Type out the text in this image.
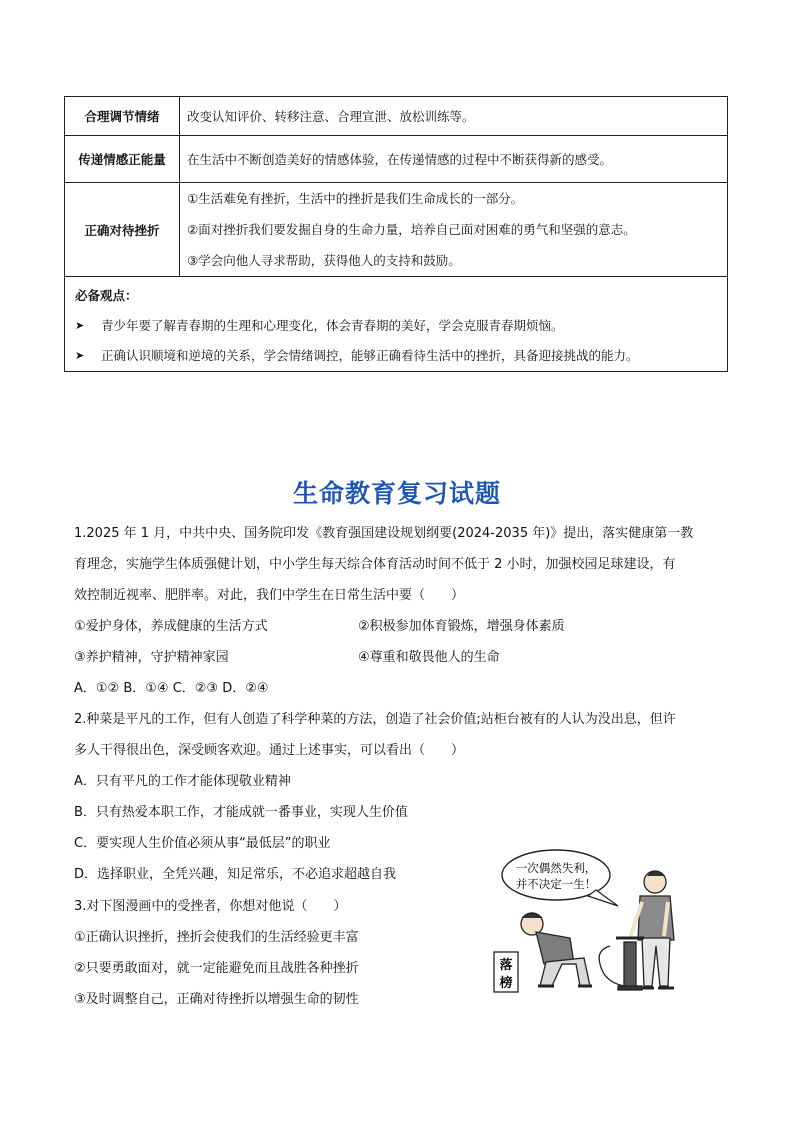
合理调节情绪	改变认知评价、转移注意、合理宣泄、放松训练等。

传递情感正能量	在生活中不断创造美好的情感体验，在传递情感的过程中不断获得新的感受。

正确对待挫折	①生活难免有挫折，生活中的挫折是我们生命成长的一部分。

②面对挫折我们要发掘自身的生命力量，培养自己面对困难的勇气和坚强的意志。

③学会向他人寻求帮助，获得他人的支持和鼓励。

必备观点：
➤ 青少年要了解青春期的生理和心理变化，体会青春期的美好，学会克服青春期烦恼。
➤ 正确认识顺境和逆境的关系，学会情绪调控，能够正确看待生活中的挫折，具备迎接挑战的能力。	
生命教育复习试题
1.2025 年 1 月，中共中央、国务院印发《教育强国建设规划纲要(2024-2035 年)》提出，落实健康第一教
育理念，实施学生体质强健计划，中小学生每天综合体育活动时间不低于 2 小时，加强校园足球建设，有
效控制近视率、肥胖率。对此，我们中学生在日常生活中要（　　）
①爱护身体，养成健康的生活方式	②积极参加体育锻炼，增强身体素质
③养护精神，守护精神家园	④尊重和敬畏他人的生命
A．①② B．①④ C．②③ D．②④
2.种菜是平凡的工作，但有人创造了科学种菜的方法，创造了社会价值;站柜台被有的人认为没出息，但许
多人干得很出色，深受顾客欢迎。通过上述事实，可以看出（　　）
A．只有平凡的工作才能体现敬业精神
B．只有热爱本职工作，才能成就一番事业，实现人生价值
C．要实现人生价值必须从事“最低层”的职业
D．选择职业，全凭兴趣，知足常乐，不必追求超越自我
3.对下图漫画中的受挫者，你想对他说（　　）
①正确认识挫折，挫折会使我们的生活经验更丰富
②只要勇敢面对，就一定能避免而且战胜各种挫折
③及时调整自己，正确对待挫折以增强生命的韧性
一次偶然失利，
并不决定一生！
落
榜
